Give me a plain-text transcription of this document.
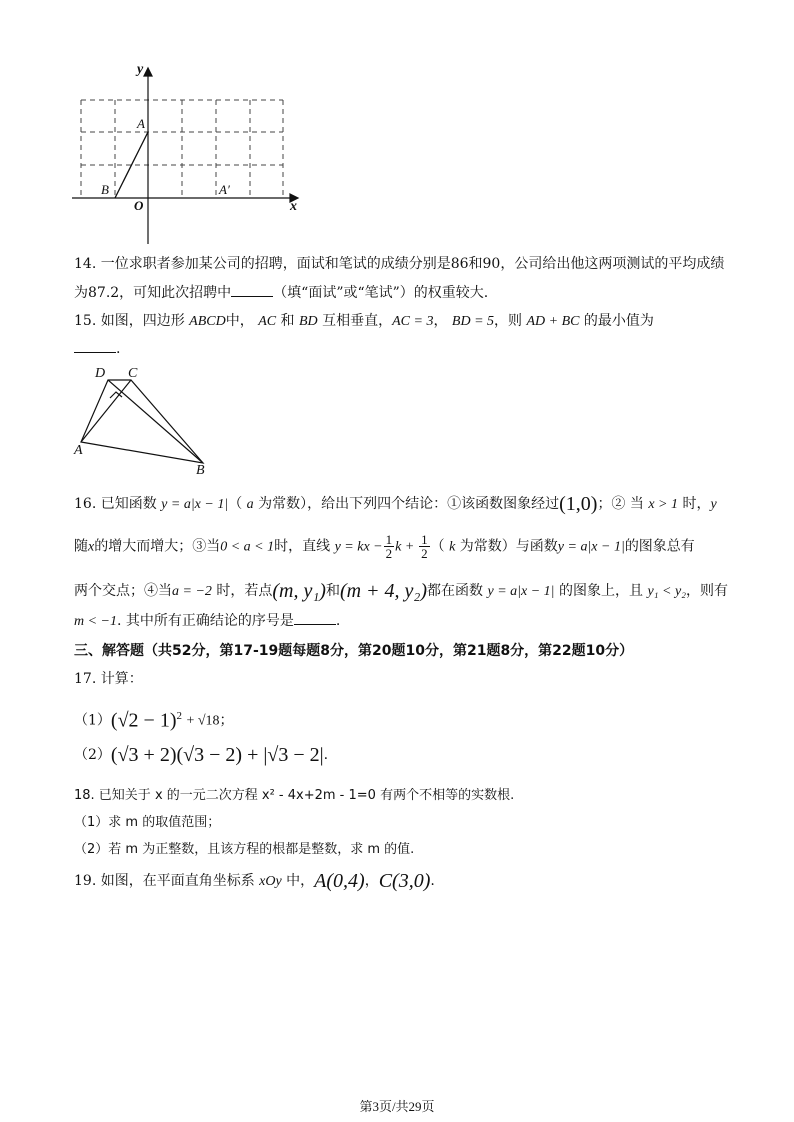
y
x
A
B
O
A′
14. 一位求职者参加某公司的招聘，面试和笔试的成绩分别是86和90，公司给出他这两项测试的平均成绩
为87.2，可知此次招聘中	（填“面试”或“笔试”）的权重较大.
15. 如图，四边形 ABCD中， AC 和 BD 互相垂直，AC = 3， BD = 5，则 AD + BC 的最小值为
.
D C
A
B
16. 已知函数 y = a|x − 1|（ a 为常数），给出下列四个结论：①该函数图象经过(1,0)；② 当 x > 1 时，y
随x的增大而增大；③当0 < a < 1时，直线 y = kx − $\frac{1}{2}$ $k + \frac{1}{2}$ （ k 为常数）与函数y = a|x − 1|的图象总有
两个交点；④当a = −2 时，若点(m, y₁)和(m + 4, y₂)都在函数 y = a|x − 1| 的图象上，且 y₁ < y₂，则有
m < −1. 其中所有正确结论的序号是	.
三、解答题（共52分，第17-19题每题8分，第20题10分，第21题8分，第22题10分）
17. 计算：
$(1)(√2 - 1)^2 + √18$；
（2）(√3 + 2)(√3 − 2) + |√3 − 2|.
18. 已知关于 x 的一元二次方程 x² - 4x+2m - 1=0 有两个不相等的实数根.
（1）求 m 的取值范围；
（2）若 m 为正整数，且该方程的根都是整数，求 m 的值.
19. 如图，在平面直角坐标系 xOy 中，A(0,4)，C(3,0).
第3页/共29页
